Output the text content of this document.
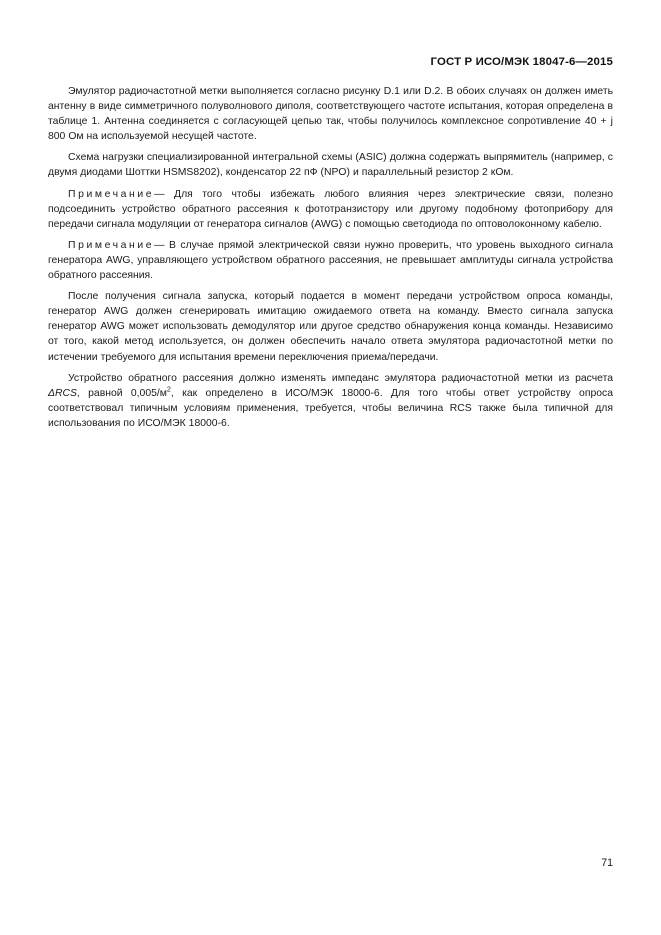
ГОСТ Р ИСО/МЭК 18047-6—2015

Эмулятор радиочастотной метки выполняется согласно рисунку D.1 или D.2. В обоих случаях он должен иметь антенну в виде симметричного полуволнового диполя, соответствующего частоте испытания, которая определена в таблице 1. Антенна соединяется с согласующей цепью так, чтобы получилось комплексное сопротивление 40 + j 800 Ом на используемой несущей частоте.

Схема нагрузки специализированной интегральной схемы (ASIC) должна содержать выпрямитель (например, с двумя диодами Шоттки HSMS8202), конденсатор 22 пФ (NPO) и параллельный резистор 2 кОм.

Примечание— Для того чтобы избежать любого влияния через электрические связи, полезно подсоединить устройство обратного рассеяния к фототранзистору или другому подобному фотоприбору для передачи сигнала модуляции от генератора сигналов (AWG) с помощью светодиода по оптоволоконному кабелю.

Примечание— В случае прямой электрической связи нужно проверить, что уровень выходного сигнала генератора AWG, управляющего устройством обратного рассеяния, не превышает амплитуды сигнала устройства обратного рассеяния.

После получения сигнала запуска, который подается в момент передачи устройством опроса команды, генератор AWG должен сгенерировать имитацию ожидаемого ответа на команду. Вместо сигнала запуска генератор AWG может использовать демодулятор или другое средство обнаружения конца команды. Независимо от того, какой метод используется, он должен обеспечить начало ответа эмулятора радиочастотной метки по истечении требуемого для испытания времени переключения приема/передачи.

Устройство обратного рассеяния должно изменять импеданс эмулятора радиочастотной метки из расчета ΔRCS, равной $0,005/м^2$, как определено в ИСО/МЭК 18000-6. Для того чтобы ответ устройству опроса соответствовал типичным условиям применения, требуется, чтобы величина RCS также была типичной для использования по ИСО/МЭК 18000-6.

71
